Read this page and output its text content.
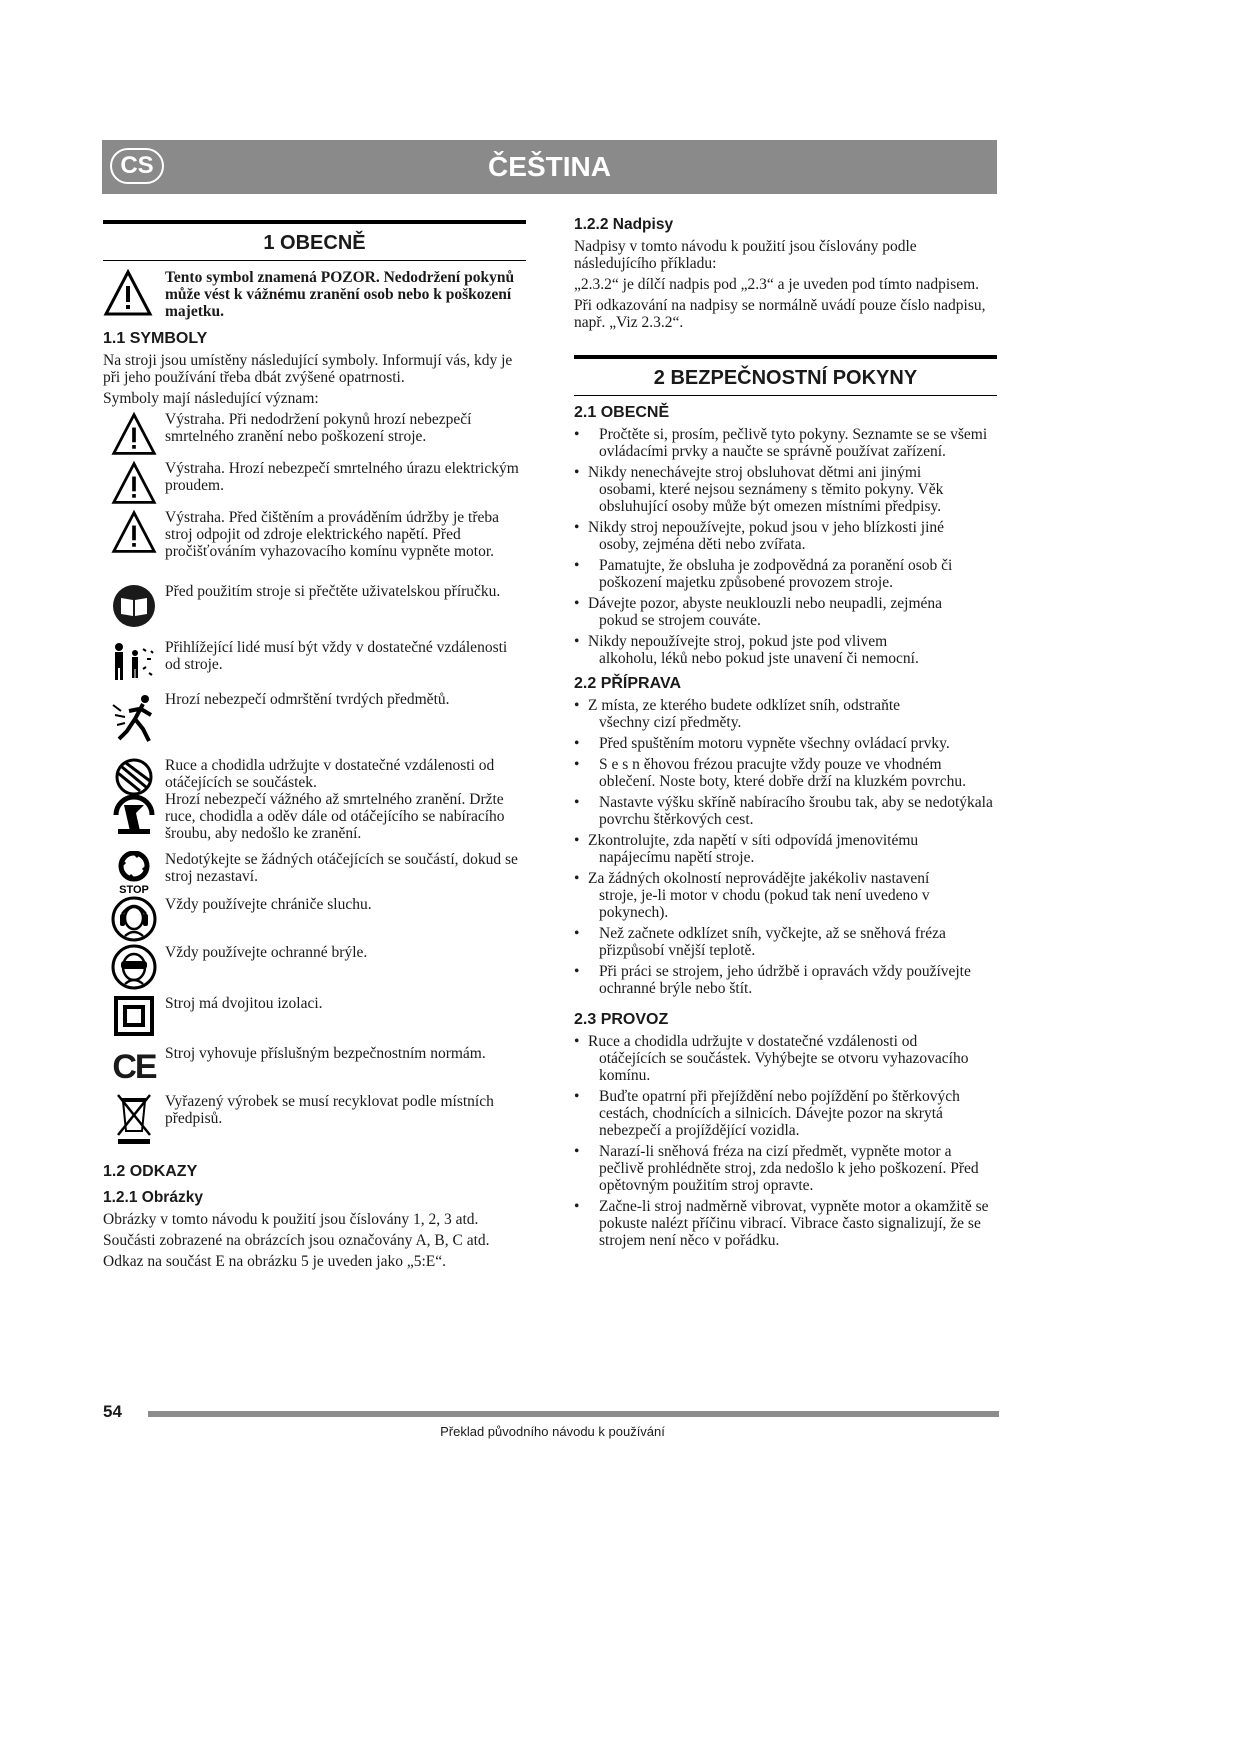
CS	ČEŠTINA
1 OBECNĚ
Tento symbol znamená POZOR. Nedodržení pokynů může vést k vážnému zranění osob nebo k poškození majetku.
1.1 SYMBOLY

Na stroji jsou umístěny následující symboly. Informují vás, kdy je při jeho používání třeba dbát zvýšené opatrnosti.

Symboly mají následující význam:

Výstraha. Při nedodržení pokynů hrozí nebezpečí smrtelného zranění nebo poškození stroje.
Výstraha. Hrozí nebezpečí smrtelného úrazu elektrickým proudem.
Výstraha. Před čištěním a prováděním údržby je třeba stroj odpojit od zdroje elektrického napětí. Před pročišťováním vyhazovacího komínu vypněte motor.
Před použitím stroje si přečtěte uživatelskou příručku.
Přihlížející lidé musí být vždy v dostatečné vzdálenosti od stroje.
Hrozí nebezpečí odmrštění tvrdých předmětů.
Ruce a chodidla udržujte v dostatečné vzdálenosti od otáčejících se součástek.
Hrozí nebezpečí vážného až smrtelného zranění. Držte ruce, chodidla a oděv dále od otáčejícího se nabíracího šroubu, aby nedošlo ke zranění.
STOP
Nedotýkejte se žádných otáčejících se součástí, dokud se stroj nezastaví.
Vždy používejte chrániče sluchu.
Vždy používejte ochranné brýle.
Stroj má dvojitou izolaci.
CE Stroj vyhovuje příslušným bezpečnostním normám.
Vyřazený výrobek se musí recyklovat podle místních předpisů.
1.2 ODKAZY
1.2.1 Obrázky

Obrázky v tomto návodu k použití jsou číslovány 1, 2, 3 atd.

Součásti zobrazené na obrázcích jsou označovány A, B, C atd.

Odkaz na součást E na obrázku 5 je uveden jako „5:E“.

1.2.2 Nadpisy

Nadpisy v tomto návodu k použití jsou číslovány podle následujícího příkladu:

„2.3.2“ je dílčí nadpis pod „2.3“ a je uveden pod tímto nadpisem.

Při odkazování na nadpisy se normálně uvádí pouze číslo nadpisu, např. „Viz 2.3.2“.

2 BEZPEČNOSTNÍ POKYNY
2.1 OBECNĚ
• Pročtěte si, prosím, pečlivě tyto pokyny. Seznamte se se všemi ovládacími prvky a naučte se správně používat zařízení.
• Nikdy nenechávejte stroj obsluhovat dětmi ani jinými
osobami, které nejsou seznámeny s těmito pokyny. Věk obsluhující osoby může být omezen místními předpisy.
• Nikdy stroj nepoužívejte, pokud jsou v jeho blízkosti jiné
osoby, zejména děti nebo zvířata.
• Pamatujte, že obsluha je zodpovědná za poranění osob či poškození majetku způsobené provozem stroje.
• Dávejte pozor, abyste neuklouzli nebo neupadli, zejména
pokud se strojem couváte.
• Nikdy nepoužívejte stroj, pokud jste pod vlivem
alkoholu, léků nebo pokud jste unavení či nemocní.
2.2 PŘÍPRAVA
• Z místa, ze kterého budete odklízet sníh, odstraňte
všechny cizí předměty.
• Před spuštěním motoru vypněte všechny ovládací prvky.
• S e s n ěhovou frézou pracujte vždy pouze ve vhodném oblečení. Noste boty, které dobře drží na kluzkém povrchu.
• Nastavte výšku skříně nabíracího šroubu tak, aby se nedotýkala povrchu štěrkových cest.
• Zkontrolujte, zda napětí v síti odpovídá jmenovitému
napájecímu napětí stroje.
• Za žádných okolností neprovádějte jakékoliv nastavení
stroje, je-li motor v chodu (pokud tak není uvedeno v pokynech).
• Než začnete odklízet sníh, vyčkejte, až se sněhová fréza přizpůsobí vnější teplotě.
• Při práci se strojem, jeho údržbě i opravách vždy používejte ochranné brýle nebo štít.
2.3 PROVOZ
• Ruce a chodidla udržujte v dostatečné vzdálenosti od
otáčejících se součástek. Vyhýbejte se otvoru vyhazovacího komínu.
• Buďte opatrní při přejíždění nebo pojíždění po štěrkových cestách, chodnících a silnicích. Dávejte pozor na skrytá nebezpečí a projíždějící vozidla.
• Narazí-li sněhová fréza na cizí předmět, vypněte motor a pečlivě prohlédněte stroj, zda nedošlo k jeho poškození. Před opětovným použitím stroj opravte.
• Začne-li stroj nadměrně vibrovat, vypněte motor a okamžitě se pokuste nalézt příčinu vibrací. Vibrace často signalizují, že se strojem není něco v pořádku.
54
Překlad původního návodu k používání
